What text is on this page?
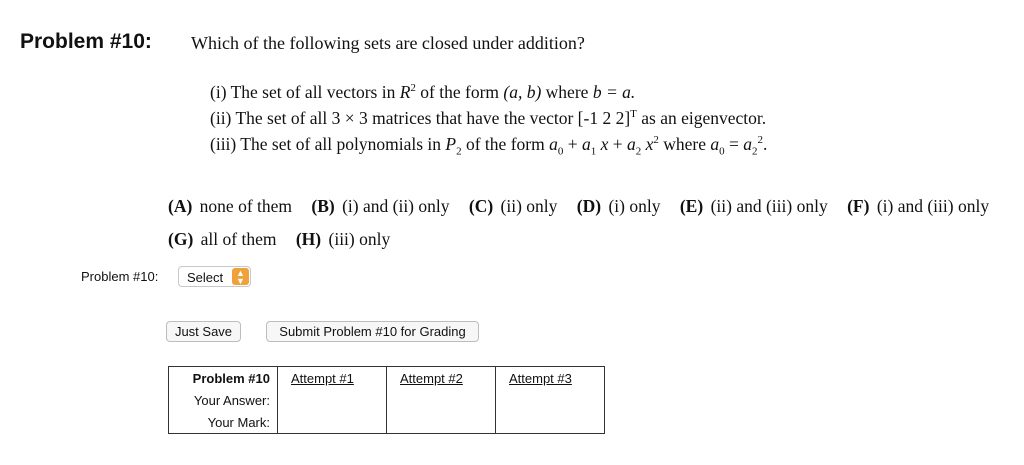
Problem #10: Which of the following sets are closed under addition?
(i) The set of all vectors in $R^2$ of the form (a, b) where b = a.
(ii) The set of all 3 × 3 matrices that have the vector [-1 2 2]$^T$ as an eigenvector.
(iii) The set of all polynomials in $P_2$ of the form $a_0 + a_1$ $x + a_2$ $x^2$ where $a_0 = a_2^2$.
(A) none of them (B) (i) and (ii) only (C) (ii) only (D) (i) only (E) (ii) and (iii) only (F) (i) and (iii) only
(G) all of them (H) (iii) only
Problem #10: Select	▲
▼
Just Save	Submit Problem #10 for Grading
Problem #10	Attempt #1	Attempt #2	Attempt #3
Your Answer:			
Your Mark:			
